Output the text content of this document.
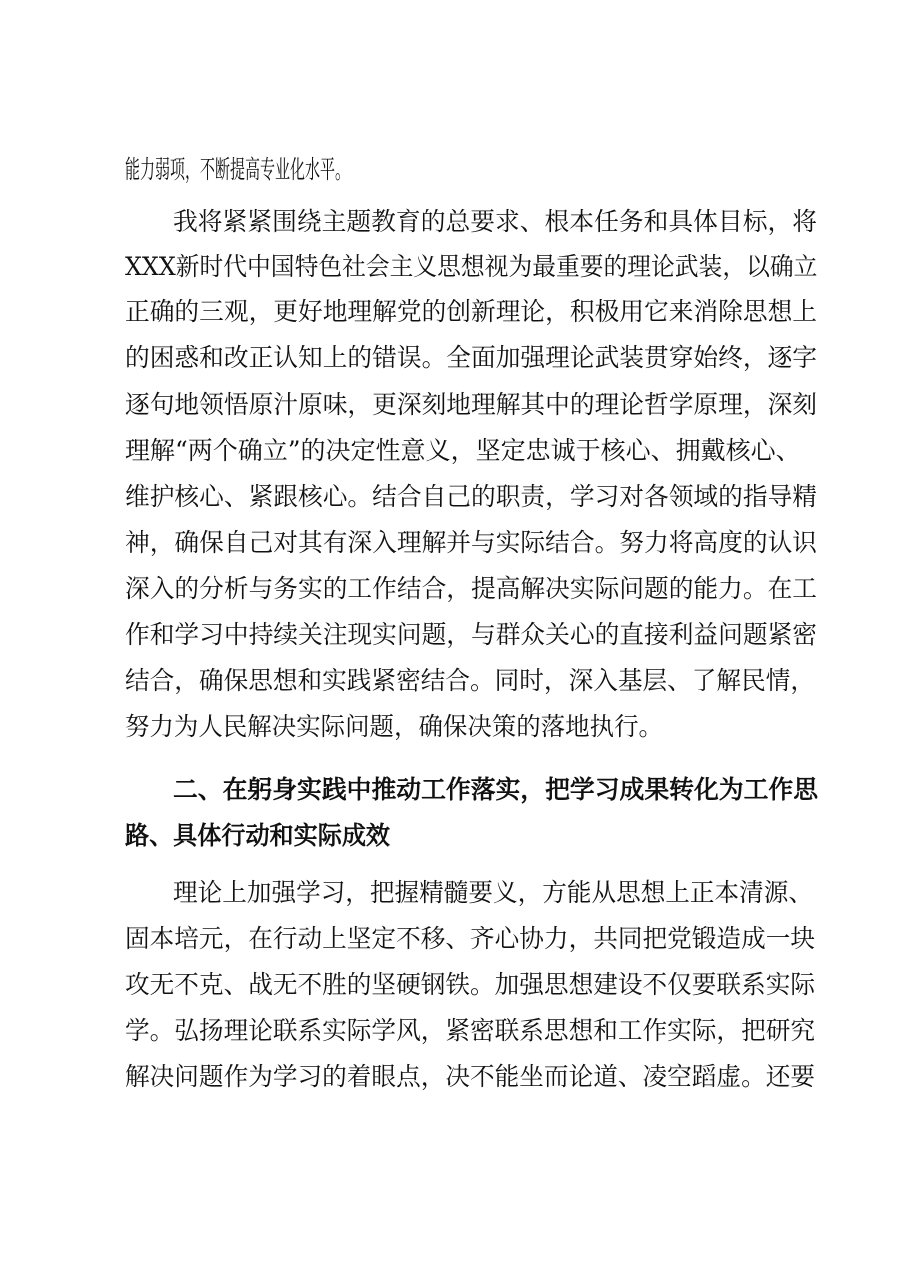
能力弱项，不断提高专业化水平。
我将紧紧围绕主题教育的总要求、根本任务和具体目标，将
XXX新时代中国特色社会主义思想视为最重要的理论武装，以确立
正确的三观，更好地理解党的创新理论，积极用它来消除思想上
的困惑和改正认知上的错误。全面加强理论武装贯穿始终，逐字
逐句地领悟原汁原味，更深刻地理解其中的理论哲学原理，深刻
理解“两个确立”的决定性意义，坚定忠诚于核心、拥戴核心、
维护核心、紧跟核心。结合自己的职责，学习对各领域的指导精
神，确保自己对其有深入理解并与实际结合。努力将高度的认识
深入的分析与务实的工作结合，提高解决实际问题的能力。在工
作和学习中持续关注现实问题，与群众关心的直接利益问题紧密
结合，确保思想和实践紧密结合。同时，深入基层、了解民情，
努力为人民解决实际问题，确保决策的落地执行。
二、在躬身实践中推动工作落实，把学习成果转化为工作思
路、具体行动和实际成效
理论上加强学习，把握精髓要义，方能从思想上正本清源、
固本培元，在行动上坚定不移、齐心协力，共同把党锻造成一块
攻无不克、战无不胜的坚硬钢铁。加强思想建设不仅要联系实际
学。弘扬理论联系实际学风，紧密联系思想和工作实际，把研究
解决问题作为学习的着眼点，决不能坐而论道、凌空蹈虚。还要
